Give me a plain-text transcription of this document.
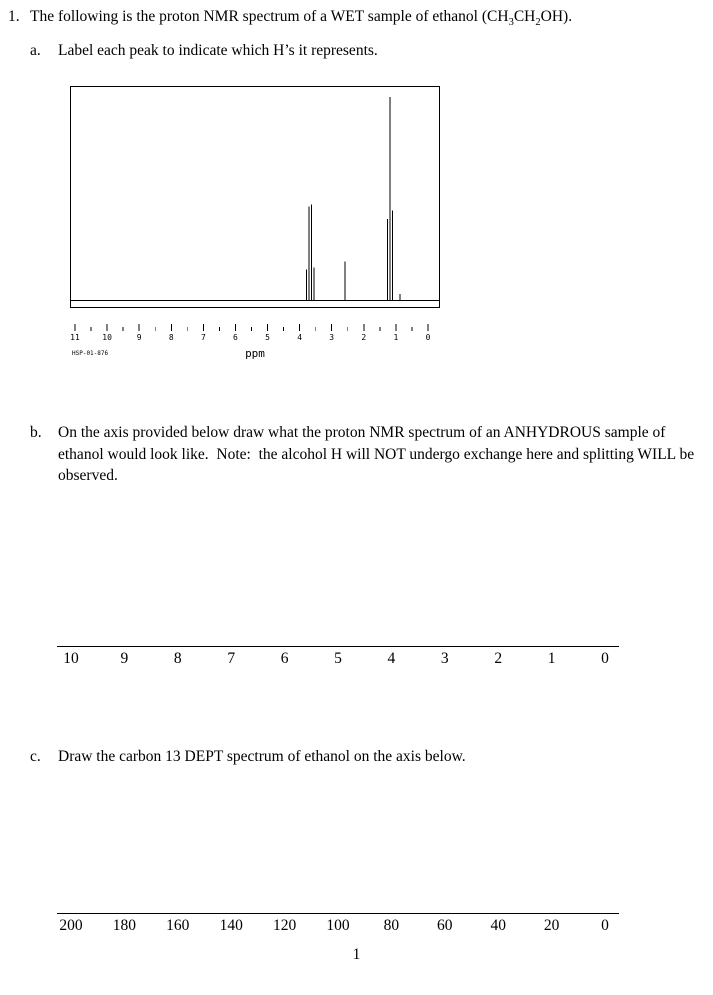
1. The following is the proton NMR spectrum of a WET sample of ethanol $(CH_3CH_2OH)$.
a.	Label each peak to indicate which H’s it represents.
11	10	9	8	7	6	5	4	3	2	1	0
ppm
HSP-01-876
b.	On the axis provided below draw what the proton NMR spectrum of an ANHYDROUS sample of ethanol would look like.  Note:  the alcohol H will NOT undergo exchange here and splitting WILL be observed.
10	9	8	7	6	5	4	3	2	1	0
c.	Draw the carbon 13 DEPT spectrum of ethanol on the axis below.
200 180 160 140 120 100 80 60 40 20	0
1
